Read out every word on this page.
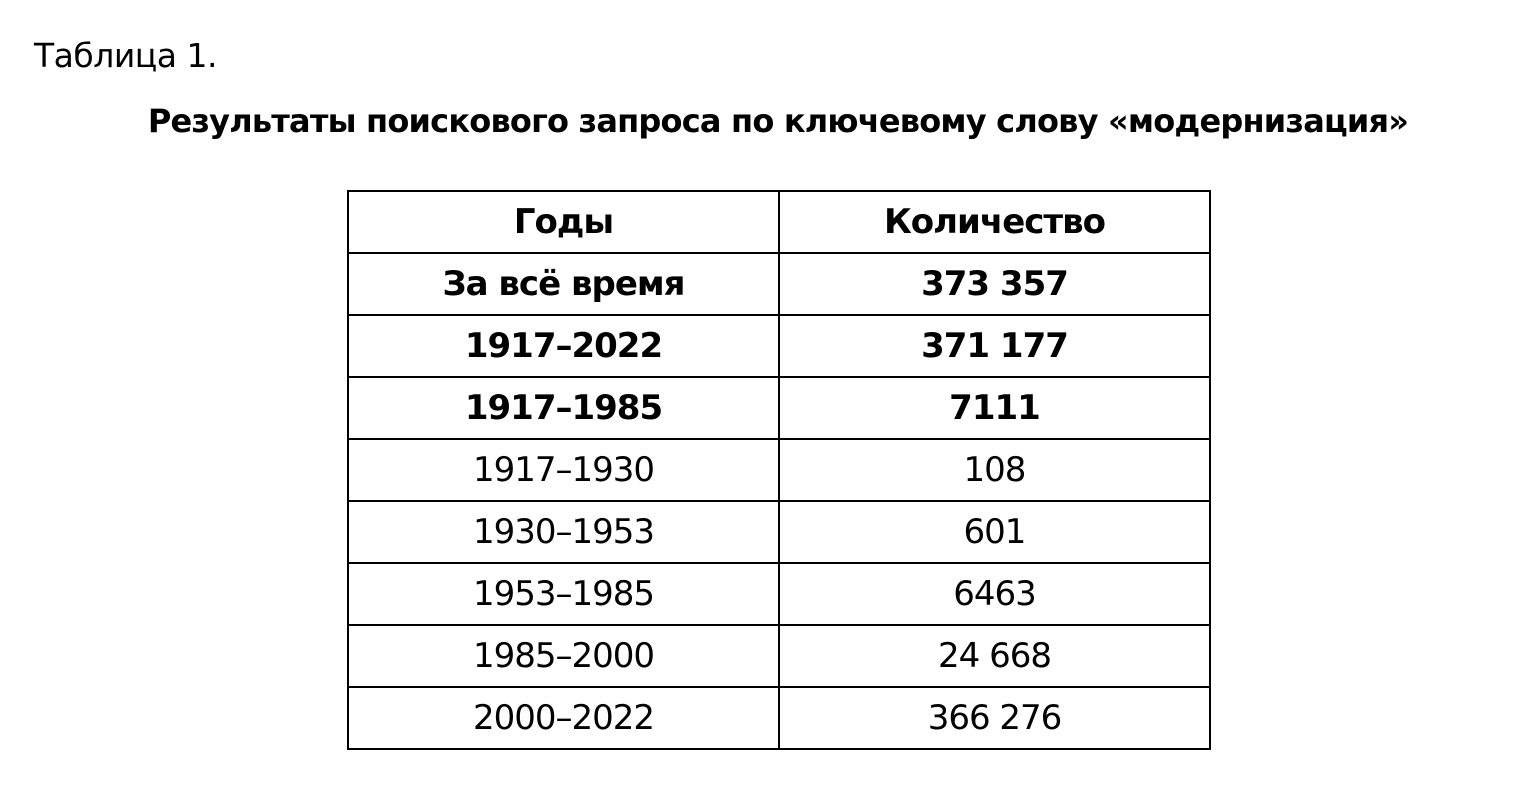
Таблица 1.
Результаты поискового запроса по ключевому слову «модернизация»
Годы	Количество
За всё время	373 357
1917–2022	371 177
1917–1985	7111
1917–1930	108
1930–1953	601
1953–1985	6463
1985–2000	24 668
2000–2022	366 276
